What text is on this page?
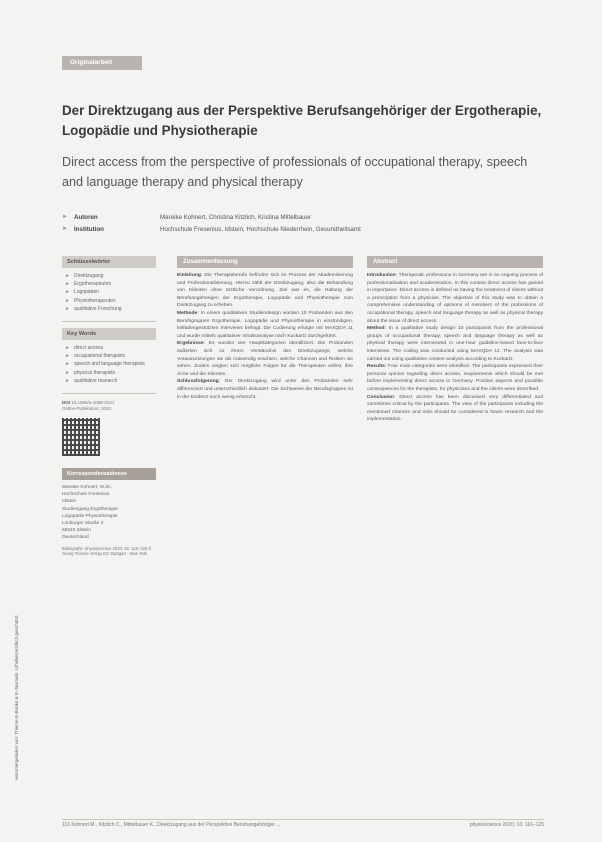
Heruntergeladen von: Thieme E-Books & E-Journals. Urheberrechtlich geschützt.
Originalarbeit
Der Direktzugang aus der Perspektive Berufsangehöriger der Ergotherapie, Logopädie und Physiotherapie
Direct access from the perspective of professionals of occupational therapy, speech and language therapy and physical therapy
► Autoren	Mareike Kohnert, Christina Kitzlich, Kristina Mittelbauer
► Institution	Hochschule Fresenius, Idstein, Hochschule Niederrhein, Gesundheitsamt
Schlüsselwörter
► Direktzugang
► Ergotherapeuten
► Logopäden
► Physiotherapeuten
► qualitative Forschung
Key Words
► direct access
► occupational therapists
► speech and language therapists
► physical therapists
► qualitative research
DOI 10.1055/a-1068-0101
Online-Publikation: 2020
Korrespondenzadresse
Mareike Kohnert, M.Sc.
Hochschule Fresenius
Idstein
Studiengang Ergotherapie
Logopädie Physiotherapie
Limburger Straße 2
65510 Idstein
Deutschland
Bibliografie: physioscience 2020; 16: 116–125 © Georg Thieme Verlag KG Stuttgart · New York
Zusammenfassung

Einleitung: Die Therapieberufe befinden sich im Prozess der Akademisierung und Professionalisierung. Hierzu zählt der Direktzugang, also die Behandlung von Klienten ohne ärztliche Verordnung. Ziel war es, die Haltung der Berufsangehörigen der Ergotherapie, Logopädie und Physiotherapie zum Direktzugang zu erheben.

Methode: In einem qualitativen Studiendesign wurden 10 Probanden aus den Berufsgruppen Ergotherapie, Logopädie und Physiotherapie in einstündigen, leitfadengestützten Interviews befragt. Die Codierung erfolgte mit MAXQDA 11 und wurde mittels qualitativer Inhaltsanalyse nach Kuckartz durchgeführt.

Ergebnisse: Es wurden vier Hauptkategorien identifiziert. Die Probanden äußerten sich zu ihrem Verständnis des Direktzugangs, welche Voraussetzungen sie als notwendig erachten, welche Chancen und Risiken sie sehen. Zudem zeigten sich mögliche Folgen für die Therapeuten selbst, ihre Ärzte und die Klienten.

Schlussfolgerung: Der Direktzugang wird unter den Probanden sehr differenziert und unterschiedlich diskutiert. Die Sichtweise der Berufsgruppen ist in der Evidenz noch wenig erforscht.

Abstract

Introduction: Therapeutic professions in Germany are in an ongoing process of professionalisation and academisation. In this context direct access has gained in importance. Direct access is defined as having the treatment of clients without a prescription from a physician. The objective of this study was to obtain a comprehensive understanding of opinions of members of the professions of occupational therapy, speech and language therapy as well as physical therapy about the issue of direct access.

Method: In a qualitative study design 10 participants from the professional groups of occupational therapy, speech and language therapy as well as physical therapy were interviewed in one-hour guideline-based face-to-face interviews. The coding was conducted using MAXQDA 11. The analysis was carried out using qualitative content analysis according to Kuckartz.

Results: Four main categories were identified. The participants expressed their personal opinion regarding direct access, requirements which should be met before implementing direct access in Germany. Positive aspects and possible consequences for the therapists, for physicians and the clients were described.

Conclusion: Direct access has been discussed very differentiated and sometimes critical by the participants. The view of the participants including the mentioned chances and risks should be considered in future research and the implementation.

116 Kohnert M., Kitzlich C., Mittelbauer K., Direktzugang aus der Perspektive Berufsangehöriger ...	physioscience 2020; 16: 116–125
